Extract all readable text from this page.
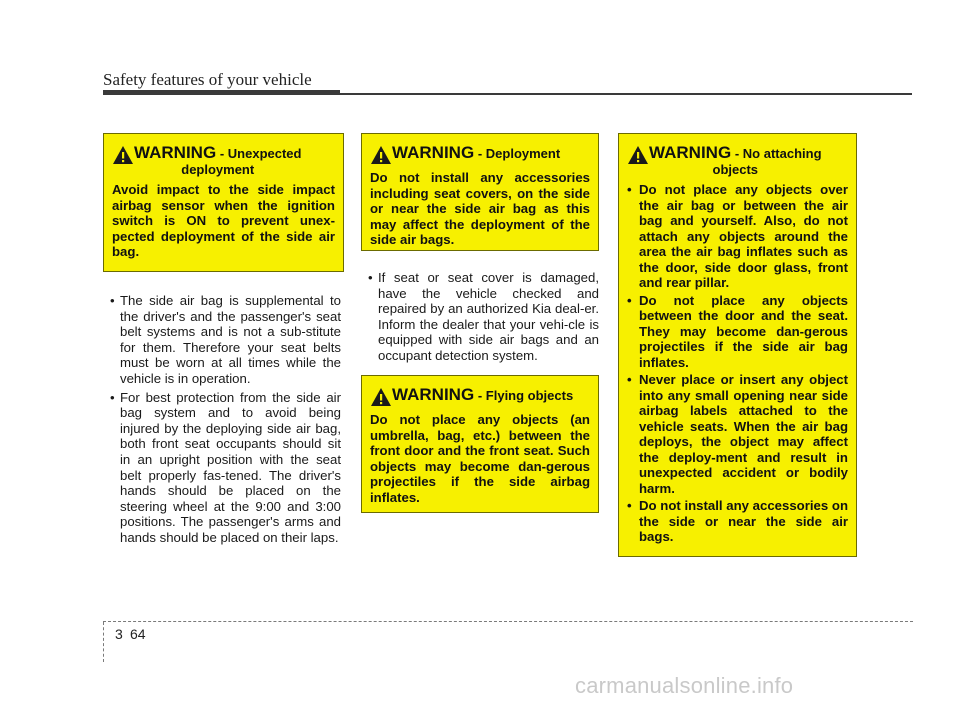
Safety features of your vehicle
WARNING - Unexpected
deployment
Avoid impact to the side impact airbag sensor when the ignition switch is ON to prevent unex-pected deployment of the side air bag.
WARNING - Deployment
Do not install any accessories including seat covers, on the side or near the side air bag as this may affect the deployment of the side air bags.
WARNING - Flying objects
Do not place any objects (an umbrella, bag, etc.) between the front door and the front seat. Such objects may become dan-gerous projectiles if the side airbag inflates.
WARNING - No attaching
objects
• Do not place any objects over the air bag or between the air bag and yourself. Also, do not attach any objects around the area the air bag inflates such as the door, side door glass, front and rear pillar.
• Do not place any objects between the door and the seat. They may become dan-gerous projectiles if the side air bag inflates.
• Never place or insert any object into any small opening near side airbag labels attached to the vehicle seats. When the air bag deploys, the object may affect the deploy-ment and result in unexpected accident or bodily harm.
• Do not install any accessories on the side or near the side air bags.
• The side air bag is supplemental to the driver's and the passenger's seat belt systems and is not a sub-stitute for them. Therefore your seat belts must be worn at all times while the vehicle is in operation.
• For best protection from the side air bag system and to avoid being injured by the deploying side air bag, both front seat occupants should sit in an upright position with the seat belt properly fas-tened. The driver's hands should be placed on the steering wheel at the 9:00 and 3:00 positions. The passenger's arms and hands should be placed on their laps.
• If seat or seat cover is damaged, have the vehicle checked and repaired by an authorized Kia deal-er. Inform the dealer that your vehi-cle is equipped with side air bags and an occupant detection system.
3 64
carmanualsonline.info
